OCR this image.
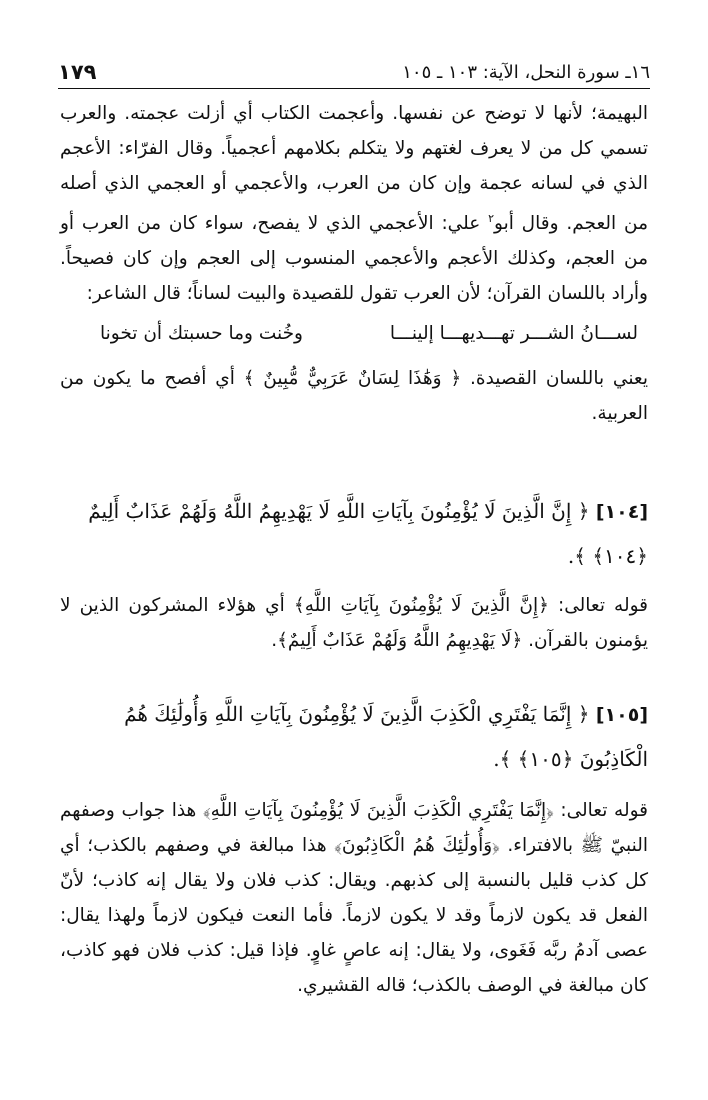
١٦ـ سورة النحل، الآية: ١٠٣ ـ ١٠٥
١٧٩

البهيمة؛ لأنها لا توضح عن نفسها. وأعجمت الكتاب أي أزلت عجمته. والعرب تسمي كل من لا يعرف لغتهم ولا يتكلم بكلامهم أعجمياً. وقال الفرّاء: الأعجم الذي في لسانه عجمة وإن كان من العرب، والأعجمي أو العجمي الذي أصله من العجم. وقال أبو$^٢$ علي: الأعجمي الذي لا يفصح، سواء كان من العرب أو من العجم، وكذلك الأعجم والأعجمي المنسوب إلى العجم وإن كان فصيحاً. وأراد باللسان القرآن؛ لأن العرب تقول للقصيدة والبيت لساناً؛ قال الشاعر:

لســـانُ الشـــر تهـــديهـــا إلينـــا
وخُنت وما حسبتك أن تخونا

يعني باللسان القصيدة. ﴿ وَهَٰذَا لِسَانٌ عَرَبِيٌّ مُّبِينٌ ﴾ أي أفصح ما يكون من العربية.

[١٠٤] ﴿ إِنَّ الَّذِينَ لَا يُؤْمِنُونَ بِآيَاتِ اللَّهِ لَا يَهْدِيهِمُ اللَّهُ وَلَهُمْ عَذَابٌ أَلِيمٌ ﴿١٠٤﴾ ﴾.

قوله تعالى: ﴿إِنَّ الَّذِينَ لَا يُؤْمِنُونَ بِآيَاتِ اللَّهِ﴾ أي هؤلاء المشركون الذين لا يؤمنون بالقرآن. ﴿لَا يَهْدِيهِمُ اللَّهُ وَلَهُمْ عَذَابٌ أَلِيمٌ﴾.

[١٠٥] ﴿ إِنَّمَا يَفْتَرِي الْكَذِبَ الَّذِينَ لَا يُؤْمِنُونَ بِآيَاتِ اللَّهِ وَأُولَٰئِكَ هُمُ الْكَاذِبُونَ ﴿١٠٥﴾ ﴾.

قوله تعالى: ﴿إِنَّمَا يَفْتَرِي الْكَذِبَ الَّذِينَ لَا يُؤْمِنُونَ بِآيَاتِ اللَّهِ﴾ هذا جواب وصفهم النبيّ ﷺ بالافتراء. ﴿وَأُولَٰئِكَ هُمُ الْكَاذِبُونَ﴾ هذا مبالغة في وصفهم بالكذب؛ أي كل كذب قليل بالنسبة إلى كذبهم. ويقال: كذب فلان ولا يقال إنه كاذب؛ لأنّ الفعل قد يكون لازماً وقد لا يكون لازماً. فأما النعت فيكون لازماً ولهذا يقال: عصى آدمُ ربَّه فَغَوى، ولا يقال: إنه عاصٍ غاوٍ. فإذا قيل: كذب فلان فهو كاذب، كان مبالغة في الوصف بالكذب؛ قاله القشيري.
